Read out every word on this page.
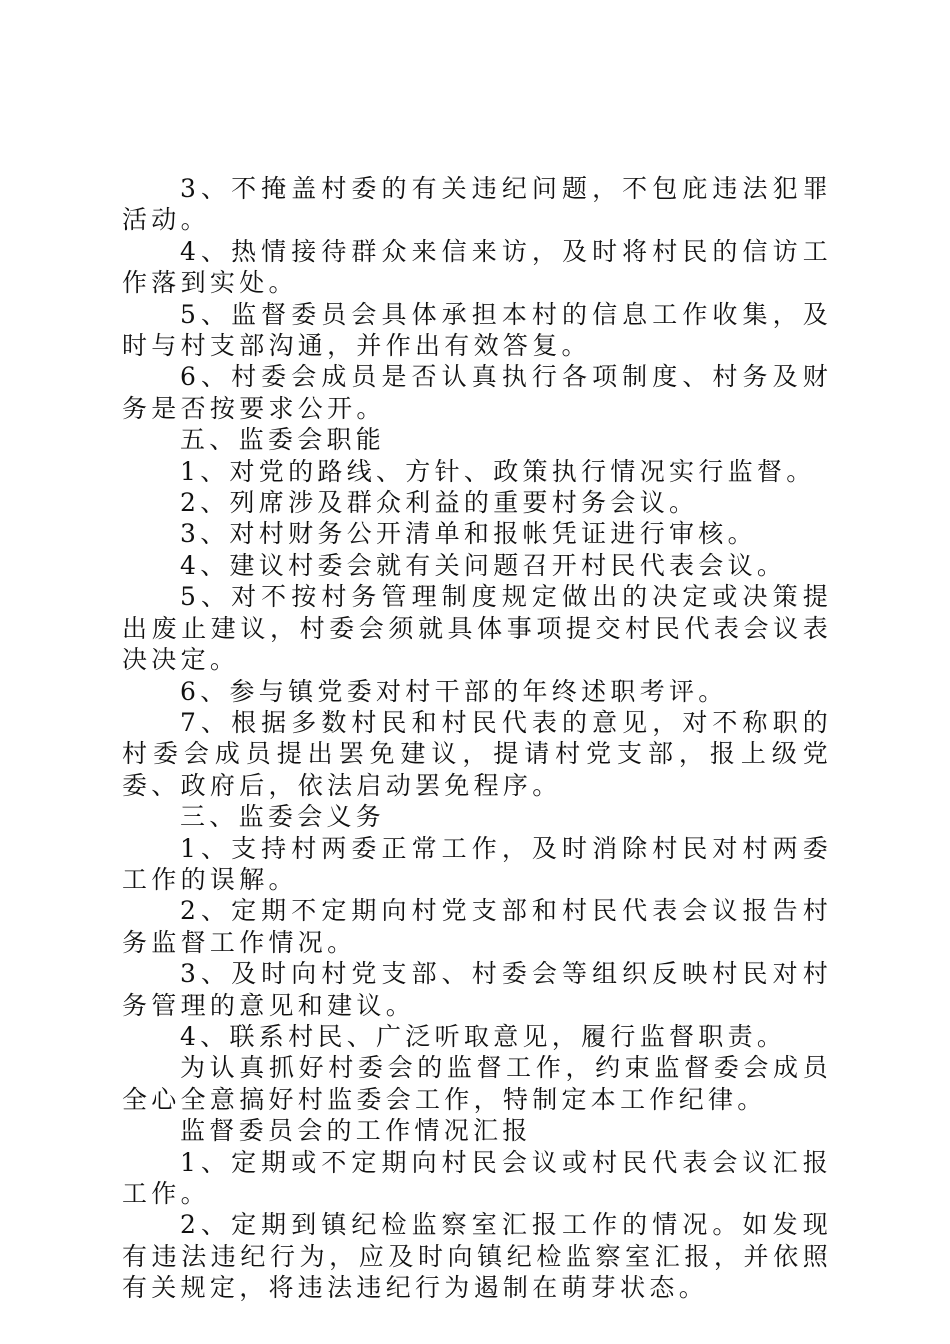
3、不掩盖村委的有关违纪问题，不包庇违法犯罪活动。

4、热情接待群众来信来访，及时将村民的信访工作落到实处。

5、监督委员会具体承担本村的信息工作收集，及时与村支部沟通，并作出有效答复。

6、村委会成员是否认真执行各项制度、村务及财务是否按要求公开。

五、监委会职能

1、对党的路线、方针、政策执行情况实行监督。

2、列席涉及群众利益的重要村务会议。

3、对村财务公开清单和报帐凭证进行审核。

4、建议村委会就有关问题召开村民代表会议。

5、对不按村务管理制度规定做出的决定或决策提出废止建议，村委会须就具体事项提交村民代表会议表决决定。

6、参与镇党委对村干部的年终述职考评。

7、根据多数村民和村民代表的意见，对不称职的村委会成员提出罢免建议，提请村党支部，报上级党委、政府后，依法启动罢免程序。

三、监委会义务

1、支持村两委正常工作，及时消除村民对村两委工作的误解。

2、定期不定期向村党支部和村民代表会议报告村务监督工作情况。

3、及时向村党支部、村委会等组织反映村民对村务管理的意见和建议。

4、联系村民、广泛听取意见，履行监督职责。

为认真抓好村委会的监督工作，约束监督委会成员全心全意搞好村监委会工作，特制定本工作纪律。

监督委员会的工作情况汇报

1、定期或不定期向村民会议或村民代表会议汇报工作。

2、定期到镇纪检监察室汇报工作的情况。如发现有违法违纪行为，应及时向镇纪检监察室汇报，并依照有关规定，将违法违纪行为遏制在萌芽状态。
